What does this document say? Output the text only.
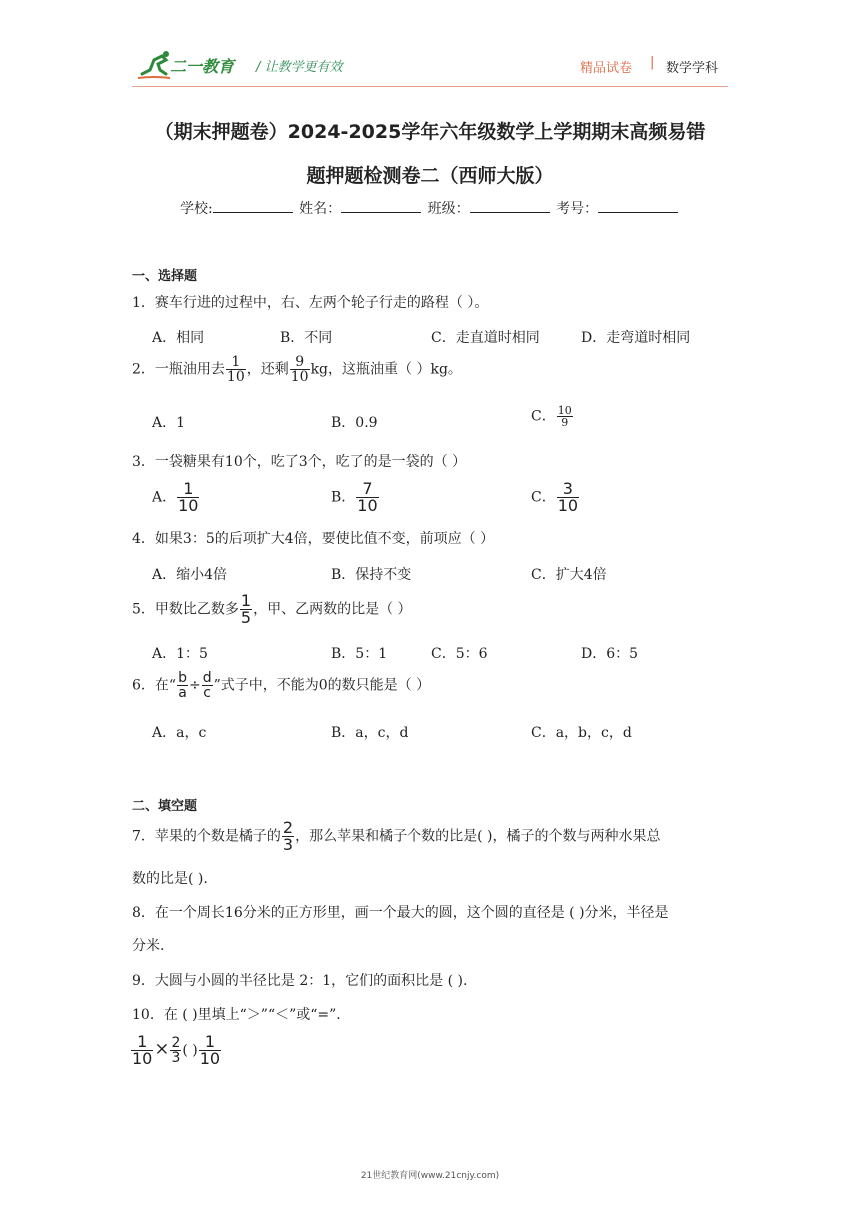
二一教育 / 让教学更有效	精品试卷 | 数学学科
（期末押题卷）2024-2025学年六年级数学上学期期末高频易错
题押题检测卷二（西师大版）
学校:	姓名：	班级：	考号：
一、选择题
1．赛车行进的过程中，右、左两个轮子行走的路程（ ）。
A．相同	B．不同	C．走直道时相同	D．走弯道时相同
2．一瓶油用去 $\frac{1}{10}$ ，还剩 $\frac{9}{10}$ kg，这瓶油重（ ）kg。
A．1	B．0.9	C． $\frac{10}{9}$
3．一袋糖果有10个，吃了3个，吃了的是一袋的（ ）
A． $\frac{1}{10}$	B． $\frac{7}{10}$	C． $\frac{3}{10}$
4．如果3：5的后项扩大4倍，要使比值不变，前项应（ ）
A．缩小4倍	B．保持不变	C．扩大4倍
5．甲数比乙数多 $\frac{1}{5}$ ，甲、乙两数的比是（ ）
A．1：5	B．5：1	C．5：6	D．6：5
6．在“ $\frac{b}{a} \div \frac{d}{c}$ ”式子中，不能为0的数只能是（ ）
A．a，c	B．a，c，d	C．a，b，c，d
二、填空题
7．苹果的个数是橘子的 $\frac{2}{3}$ ，那么苹果和橘子个数的比是( )，橘子的个数与两种水果总
数的比是( ).
8．在一个周长16分米的正方形里，画一个最大的圆，这个圆的直径是 ( )分米，半径是
分米.
9．大圆与小圆的半径比是 2：1，它们的面积比是 ( ).
10．在 ( )里填上“＞”“＜”或“=”.
$\frac{1}{10} \times \frac{2}{3}$ ( ) $\frac{1}{10}$
21世纪教育网(www.21cnjy.com)
